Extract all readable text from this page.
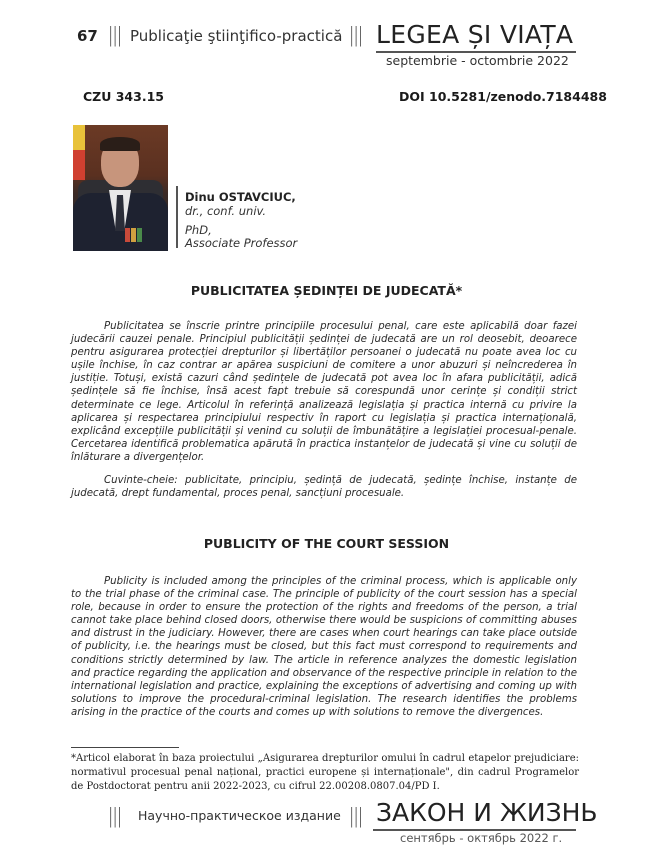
67 ||| Publicaţie ştiinţifico-practică ||| LEGEA ȘI VIAȚA
septembrie - octombrie 2022
CZU 343.15	DOI 10.5281/zenodo.7184488
Dinu OSTAVCIUC,
dr., conf. univ.
PhD,
Associate Professor
PUBLICITATEA ȘEDINȚEI DE JUDECATĂ*

Publicitatea se înscrie printre principiile procesului penal, care este aplicabilă doar fazei judecării cauzei penale. Principiul publicității ședinței de judecată are un rol deosebit, deoarece pentru asigurarea protecției drepturilor și libertăților persoanei o judecată nu poate avea loc cu ușile închise, în caz contrar ar apărea suspiciuni de comitere a unor abuzuri și neîncrederea în justiție. Totuși, există cazuri când ședințele de judecată pot avea loc în afara publicității, adică ședințele să fie închise, însă acest fapt trebuie să corespundă unor cerințe și condiții strict determinate ce lege. Articolul în referință analizează legislația și practica internă cu privire la aplicarea și respectarea principiului respectiv în raport cu legislația și practica internațională, explicând excepțiile publicității și venind cu soluții de îmbunătățire a legislației procesual-penale. Cercetarea identifică problematica apărută în practica instanțelor de judecată și vine cu soluții de înlăturare a divergențelor.

Cuvinte-cheie: publicitate, principiu, ședință de judecată, ședințe închise, instanțe de judecată, drept fundamental, proces penal, sancțiuni procesuale.

PUBLICITY OF THE COURT SESSION

Publicity is included among the principles of the criminal process, which is applicable only to the trial phase of the criminal case. The principle of publicity of the court session has a special role, because in order to ensure the protection of the rights and freedoms of the person, a trial cannot take place behind closed doors, otherwise there would be suspicions of committing abuses and distrust in the judiciary. However, there are cases when court hearings can take place outside of publicity, i.e. the hearings must be closed, but this fact must correspond to requirements and conditions strictly determined by law. The article in reference analyzes the domestic legislation and practice regarding the application and observance of the respective principle in relation to the international legislation and practice, explaining the exceptions of advertising and coming up with solutions to improve the procedural-criminal legislation. The research identifies the problems arising in the practice of the courts and comes up with solutions to remove the divergences.

*Articol elaborat în baza proiectului „Asigurarea drepturilor omului în cadrul etapelor prejudiciare: normativul procesual penal național, practici europene și internaționale", din cadrul Programelor de Postdoctorat pentru anii 2022-2023, cu cifrul 22.00208.0807.04/PD I.
||| Научно-практическое издание ||| ЗАКОН И ЖИЗНЬ
сентябрь - октябрь 2022 г.
